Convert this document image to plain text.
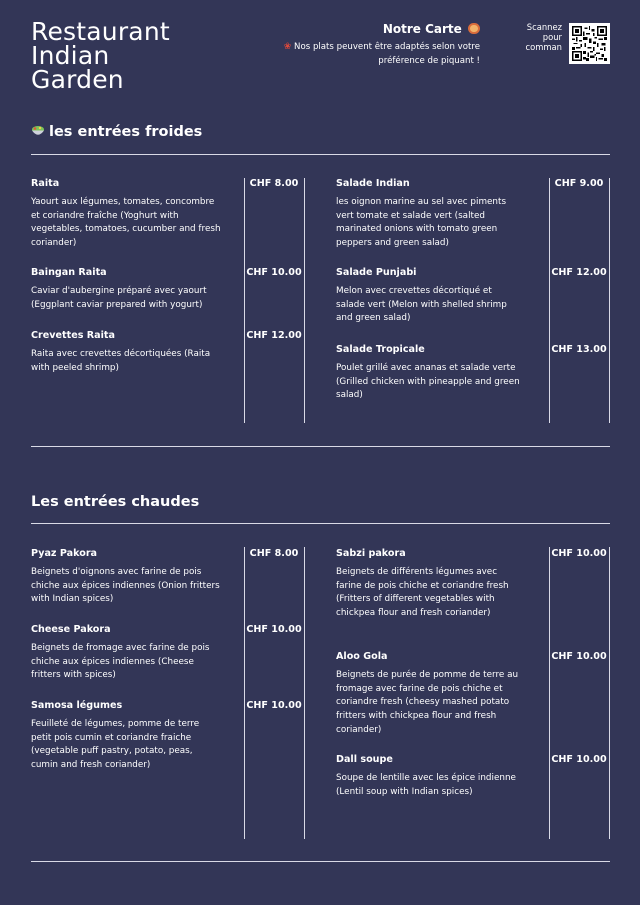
Restaurant
Indian
Garden
Notre Carte
❀ Nos plats peuvent être adaptés selon votre
préférence de piquant !
Scannez
pour
comman
les entrées froides
Raita
Yaourt aux légumes, tomates, concombre et coriandre fraîche (Yoghurt with vegetables, tomatoes, cucumber and fresh coriander)
CHF 8.00
Baingan Raita
Caviar d'aubergine préparé avec yaourt (Eggplant caviar prepared with yogurt)
CHF 10.00
Crevettes Raita
Raita avec crevettes décortiquées (Raita with peeled shrimp)
CHF 12.00
Salade Indian
les oignon marine au sel avec piments vert tomate et salade vert (salted marinated onions with tomato green peppers and green salad)
CHF 9.00
Salade Punjabi
Melon avec crevettes décortiqué et salade vert (Melon with shelled shrimp and green salad)
CHF 12.00
Salade Tropicale
Poulet grillé avec ananas et salade verte (Grilled chicken with pineapple and green salad)
CHF 13.00
Les entrées chaudes
Pyaz Pakora
Beignets d'oignons avec farine de pois chiche aux épices indiennes (Onion fritters with Indian spices)
CHF 8.00
Cheese Pakora
Beignets de fromage avec farine de pois chiche aux épices indiennes (Cheese fritters with spices)
CHF 10.00
Samosa légumes
Feuilleté de légumes, pomme de terre petit pois cumin et coriandre fraiche (vegetable puff pastry, potato, peas, cumin and fresh coriander)
CHF 10.00
Sabzi pakora
Beignets de différents légumes avec farine de pois chiche et coriandre fresh (Fritters of different vegetables with chickpea flour and fresh coriander)
CHF 10.00
Aloo Gola
Beignets de purée de pomme de terre au fromage avec farine de pois chiche et coriandre fresh (cheesy mashed potato fritters with chickpea flour and fresh coriander)
CHF 10.00
Dall soupe
Soupe de lentille avec les épice indienne (Lentil soup with Indian spices)
CHF 10.00
